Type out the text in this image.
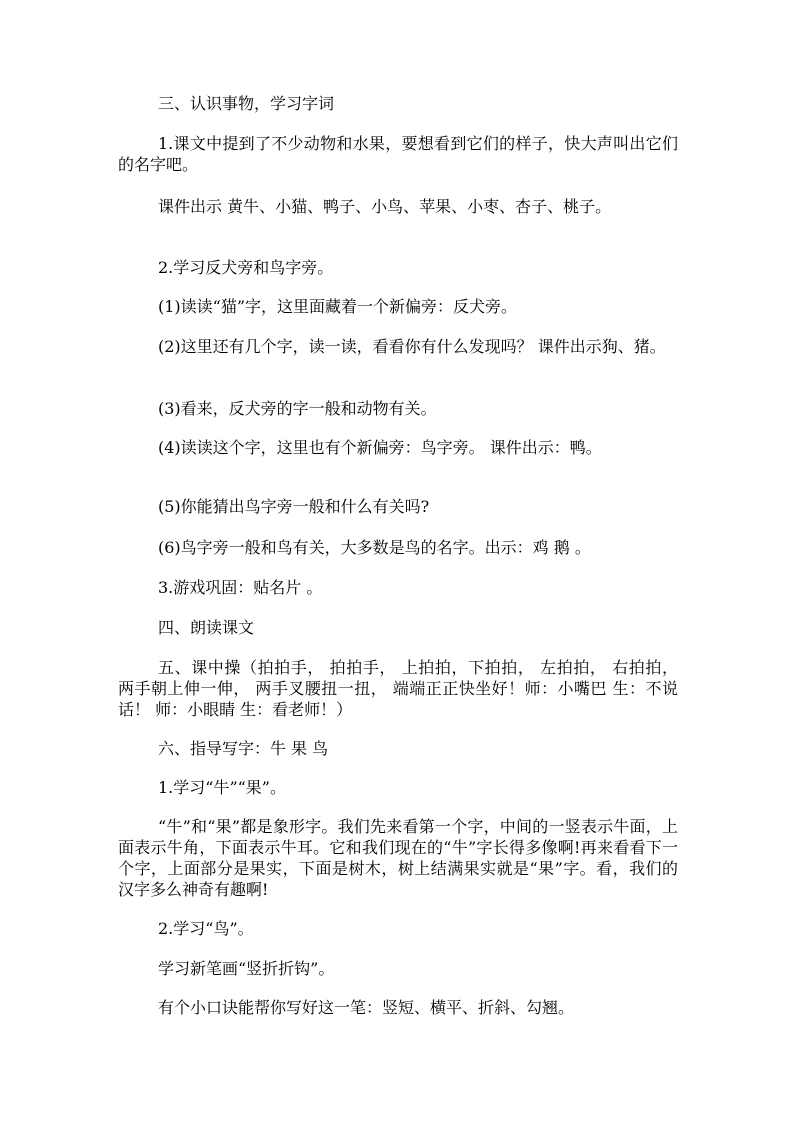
三、认识事物，学习字词

1.课文中提到了不少动物和水果，要想看到它们的样子，快大声叫出它们的名字吧。

课件出示 黄牛、小猫、鸭子、小鸟、苹果、小枣、杏子、桃子。

2.学习反犬旁和鸟字旁。

(1)读读“猫”字，这里面藏着一个新偏旁：反犬旁。

(2)这里还有几个字，读一读，看看你有什么发现吗？ 课件出示狗、猪。

(3)看来，反犬旁的字一般和动物有关。

(4)读读这个字，这里也有个新偏旁：鸟字旁。 课件出示：鸭。

(5)你能猜出鸟字旁一般和什么有关吗?

(6)鸟字旁一般和鸟有关，大多数是鸟的名字。出示：鸡 鹅 。

3.游戏巩固：贴名片 。

四、朗读课文

五、课中操（拍拍手， 拍拍手， 上拍拍，下拍拍， 左拍拍， 右拍拍， 两手朝上伸一伸， 两手叉腰扭一扭， 端端正正快坐好！师：小嘴巴 生：不说话！ 师：小眼睛 生：看老师！）

六、指导写字：牛 果 鸟

1.学习“牛”“果”。

“牛”和“果”都是象形字。我们先来看第一个字，中间的一竖表示牛面，上面表示牛角，下面表示牛耳。它和我们现在的“牛”字长得多像啊!再来看看下一个字，上面部分是果实，下面是树木，树上结满果实就是“果”字。看，我们的汉字多么神奇有趣啊!

2.学习“鸟”。

学习新笔画“竖折折钩”。

有个小口诀能帮你写好这一笔：竖短、横平、折斜、勾翘。
